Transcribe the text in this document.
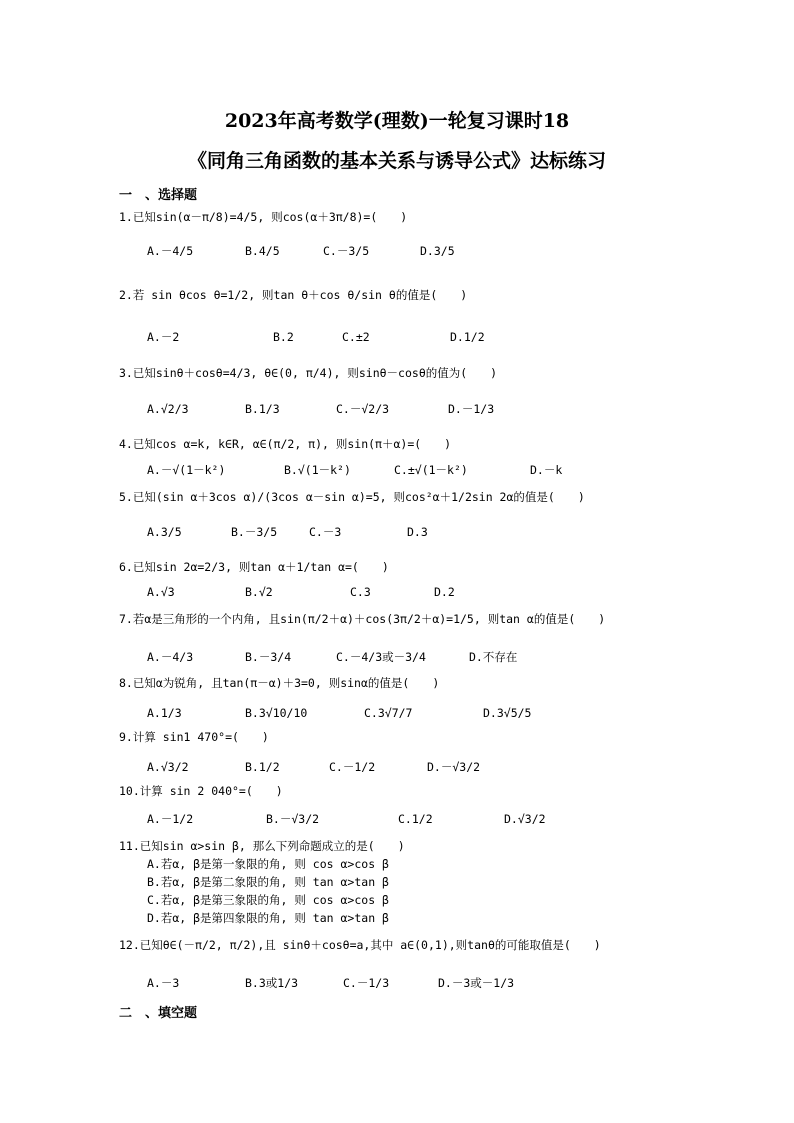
2023年高考数学(理数)一轮复习课时18
《同角三角函数的基本关系与诱导公式》达标练习
一　、选择题
1.已知sin(α－π/8)=4/5, 则cos(α＋3π/8)=(　　)
A.－4/5	B.4/5	C.－3/5	D.3/5
2.若 sin θcos θ=1/2, 则tan θ＋cos θ/sin θ的值是(　　)
A.－2	B.2	C.±2	D.1/2
3.已知sinθ＋cosθ=4/3, θ∈(0, π/4), 则sinθ－cosθ的值为(　　)
A.√2/3	B.1/3	C.－√2/3	D.－1/3
4.已知cos α=k, k∈R, α∈(π/2, π), 则sin(π＋α)=(　　)
A.－√(1－k²)	B.√(1－k²)	C.±√(1－k²)	D.－k
5.已知(sin α＋3cos α)/(3cos α－sin α)=5, 则cos²α＋1/2sin 2α的值是(　　)
A.3/5	B.－3/5	C.－3	D.3
6.已知sin 2α=2/3, 则tan α＋1/tan α=(　　)
A.√3	B.√2	C.3	D.2
7.若α是三角形的一个内角, 且sin(π/2＋α)＋cos(3π/2＋α)=1/5, 则tan α的值是(　　)
A.－4/3	B.－3/4	C.－4/3或－3/4	D.不存在
8.已知α为锐角, 且tan(π－α)＋3=0, 则sinα的值是(　　)
A.1/3	B.3√10/10	C.3√7/7	D.3√5/5
9.计算 sin1 470°=(　　)
A.√3/2	B.1/2	C.－1/2	D.－√3/2
10.计算 sin 2 040°=(　　)
A.－1/2	B.－√3/2	C.1/2	D.√3/2
11.已知sin α>sin β, 那么下列命题成立的是(　　)
A.若α, β是第一象限的角, 则 cos α>cos β
B.若α, β是第二象限的角, 则 tan α>tan β
C.若α, β是第三象限的角, 则 cos α>cos β
D.若α, β是第四象限的角, 则 tan α>tan β
12.已知θ∈(－π/2, π/2),且 sinθ＋cosθ=a,其中 a∈(0,1),则tanθ的可能取值是(　　)
A.－3	B.3或1/3	C.－1/3	D.－3或－1/3
二　、填空题
